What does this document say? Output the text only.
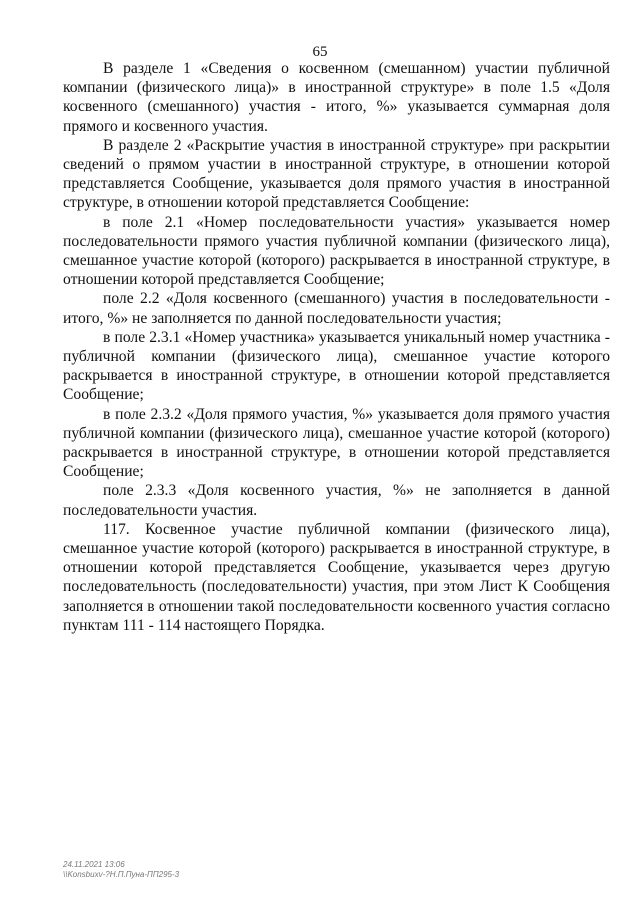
65

В разделе 1 «Сведения о косвенном (смешанном) участии публичной компании (физического лица)» в иностранной структуре» в поле 1.5 «Доля косвенного (смешанного) участия - итого, %» указывается суммарная доля прямого и косвенного участия.

В разделе 2 «Раскрытие участия в иностранной структуре» при раскрытии сведений о прямом участии в иностранной структуре, в отношении которой представляется Сообщение, указывается доля прямого участия в иностранной структуре, в отношении которой представляется Сообщение:

в поле 2.1 «Номер последовательности участия» указывается номер последовательности прямого участия публичной компании (физического лица), смешанное участие которой (которого) раскрывается в иностранной структуре, в отношении которой представляется Сообщение;

поле 2.2 «Доля косвенного (смешанного) участия в последовательности - итого, %» не заполняется по данной последовательности участия;

в поле 2.3.1 «Номер участника» указывается уникальный номер участника - публичной компании (физического лица), смешанное участие которого раскрывается в иностранной структуре, в отношении которой представляется Сообщение;

в поле 2.3.2 «Доля прямого участия, %» указывается доля прямого участия публичной компании (физического лица), смешанное участие которой (которого) раскрывается в иностранной структуре, в отношении которой представляется Сообщение;

поле 2.3.3 «Доля косвенного участия, %» не заполняется в данной последовательности участия.

117. Косвенное участие публичной компании (физического лица), смешанное участие которой (которого) раскрывается в иностранной структуре, в отношении которой представляется Сообщение, указывается через другую последовательность (последовательности) участия, при этом Лист К Сообщения заполняется в отношении такой последовательности косвенного участия согласно пунктам 111 - 114 настоящего Порядка.

24.11.2021 13:06
\\Konsbuxv-?Н.П.Пуна-ПП295-3
